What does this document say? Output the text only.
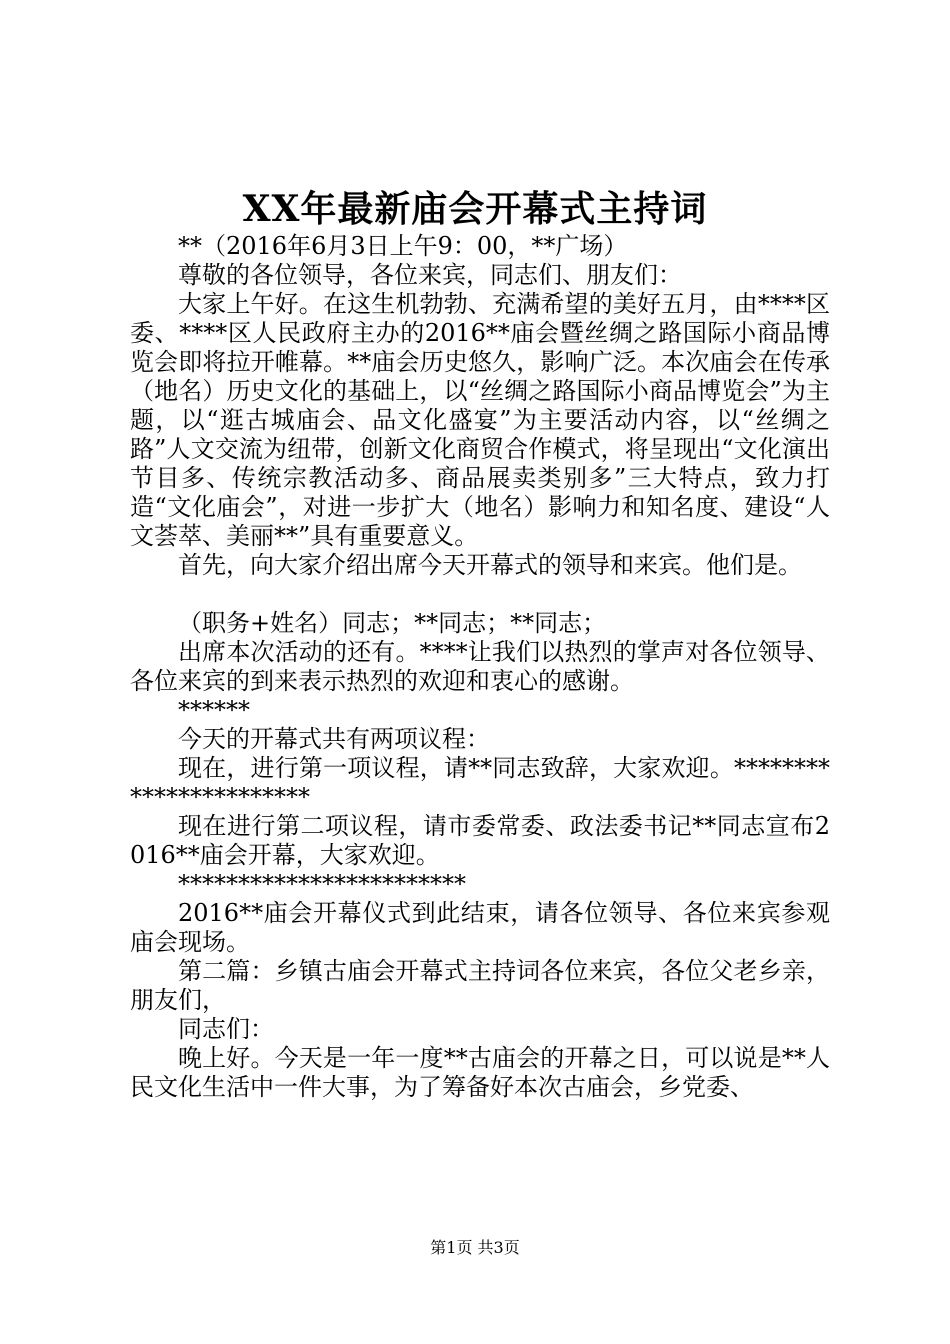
XX年最新庙会开幕式主持词

**（2016年6月3日上午9：00，**广场）

尊敬的各位领导，各位来宾，同志们、朋友们：

大家上午好。在这生机勃勃、充满希望的美好五月，由****区委、****区人民政府主办的2016**庙会暨丝绸之路国际小商品博览会即将拉开帷幕。**庙会历史悠久，影响广泛。本次庙会在传承（地名）历史文化的基础上，以“丝绸之路国际小商品博览会”为主题，以“逛古城庙会、品文化盛宴”为主要活动内容，以“丝绸之路”人文交流为纽带，创新文化商贸合作模式，将呈现出“文化演出节目多、传统宗教活动多、商品展卖类别多”三大特点，致力打造“文化庙会”，对进一步扩大（地名）影响力和知名度、建设“人文荟萃、美丽**”具有重要意义。

首先，向大家介绍出席今天开幕式的领导和来宾。他们是。

（职务+姓名）同志；**同志；**同志；

出席本次活动的还有。****让我们以热烈的掌声对各位领导、各位来宾的到来表示热烈的欢迎和衷心的感谢。

******

今天的开幕式共有两项议程：

现在，进行第一项议程，请**同志致辞，大家欢迎。***********************

现在进行第二项议程，请市委常委、政法委书记**同志宣布2016**庙会开幕，大家欢迎。

************************

2016**庙会开幕仪式到此结束，请各位领导、各位来宾参观庙会现场。

第二篇：乡镇古庙会开幕式主持词各位来宾，各位父老乡亲，朋友们，

同志们：

晚上好。今天是一年一度**古庙会的开幕之日，可以说是**人民文化生活中一件大事，为了筹备好本次古庙会，乡党委、

第1页 共3页
